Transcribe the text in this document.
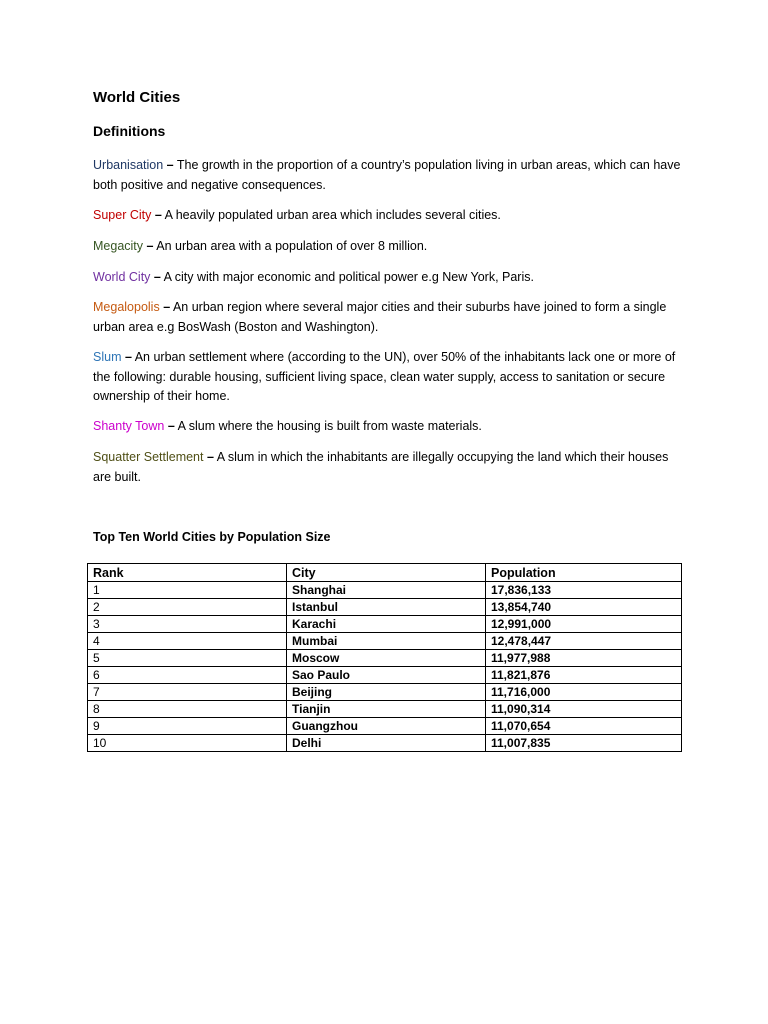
World Cities
Definitions
Urbanisation – The growth in the proportion of a country’s population living in urban areas, which can have both positive and negative consequences.
Super City – A heavily populated urban area which includes several cities.
Megacity – An urban area with a population of over 8 million.
World City – A city with major economic and political power e.g New York, Paris.
Megalopolis – An urban region where several major cities and their suburbs have joined to form a single urban area e.g BosWash (Boston and Washington).
Slum – An urban settlement where (according to the UN), over 50% of the inhabitants lack one or more of the following: durable housing, sufficient living space, clean water supply, access to sanitation or secure ownership of their home.
Shanty Town – A slum where the housing is built from waste materials.
Squatter Settlement – A slum in which the inhabitants are illegally occupying the land which their houses are built.
Top Ten World Cities by Population Size
Rank	City	Population
1	Shanghai	17,836,133
2	Istanbul	13,854,740
3	Karachi	12,991,000
4	Mumbai	12,478,447
5	Moscow	11,977,988
6	Sao Paulo	11,821,876
7	Beijing	11,716,000
8	Tianjin	11,090,314
9	Guangzhou	11,070,654
10	Delhi	11,007,835
